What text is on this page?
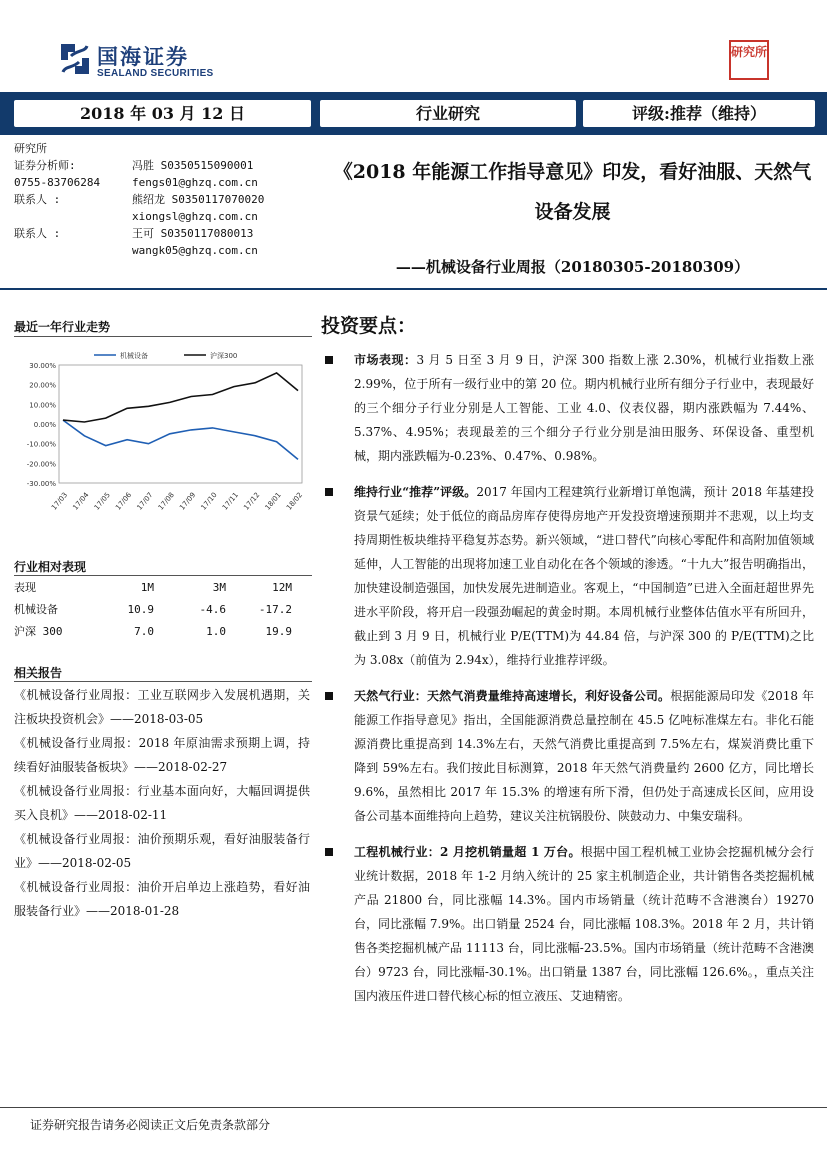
国海证券
SEALAND SECURITIES
研究所
2018 年 03 月 12 日	行业研究	评级:推荐（维持）
研究所
证券分析师:	冯胜 S0350515090001
0755-83706284	fengs01@ghzq.com.cn
联系人 :	熊绍龙 S0350117070020
xiongsl@ghzq.com.cn
联系人 :	王可 S0350117080013
wangk05@ghzq.com.cn
《2018 年能源工作指导意见》印发，看好油服、天然气设备发展
——机械设备行业周报（20180305-20180309）
最近一年行业走势
30.00%
20.00%
10.00%
0.00%
-10.00%
-20.00%
-30.00%
17/03 17/04 17/05 17/06 17/07 17/08 17/09 17/10 17/11 17/12 18/01 18/02
机械设备	沪深300
行业相对表现
表现	1M	3M	12M
机械设备	10.9	-4.6	-17.2
沪深 300	7.0	1.0	19.9
相关报告
《机械设备行业周报：工业互联网步入发展机遇期，关注板块投资机会》——2018-03-05
《机械设备行业周报：2018 年原油需求预期上调，持续看好油服装备板块》——2018-02-27
《机械设备行业周报：行业基本面向好，大幅回调提供买入良机》——2018-02-11
《机械设备行业周报：油价预期乐观，看好油服装备行业》——2018-02-05
《机械设备行业周报：油价开启单边上涨趋势，看好油服装备行业》——2018-01-28
投资要点：
市场表现：3 月 5 日至 3 月 9 日，沪深 300 指数上涨 2.30%，机械行业指数上涨 2.99%，位于所有一级行业中的第 20 位。期内机械行业所有细分子行业中，表现最好的三个细分子行业分别是人工智能、工业 4.0、仪表仪器，期内涨跌幅为 7.44%、5.37%、4.95%；表现最差的三个细分子行业分别是油田服务、环保设备、重型机械，期内涨跌幅为-0.23%、0.47%、0.98%。
维持行业“推荐”评级。2017 年国内工程建筑行业新增订单饱满，预计 2018 年基建投资景气延续；处于低位的商品房库存使得房地产开发投资增速预期并不悲观，以上均支持周期性板块维持平稳复苏态势。新兴领域，“进口替代”向核心零配件和高附加值领域延伸，人工智能的出现将加速工业自动化在各个领域的渗透。“十九大”报告明确指出，加快建设制造强国，加快发展先进制造业。客观上，“中国制造”已进入全面赶超世界先进水平阶段，将开启一段强劲崛起的黄金时期。本周机械行业整体估值水平有所回升，截止到 3 月 9 日，机械行业 P/E(TTM)为 44.84 倍，与沪深 300 的 P/E(TTM)之比为 3.08x（前值为 2.94x），维持行业推荐评级。
天然气行业：天然气消费量维持高速增长，利好设备公司。根据能源局印发《2018 年能源工作指导意见》指出，全国能源消费总量控制在 45.5 亿吨标准煤左右。非化石能源消费比重提高到 14.3%左右，天然气消费比重提高到 7.5%左右，煤炭消费比重下降到 59%左右。我们按此目标测算，2018 年天然气消费量约 2600 亿方，同比增长 9.6%，虽然相比 2017 年 15.3% 的增速有所下滑，但仍处于高速成长区间，应用设备公司基本面维持向上趋势，建议关注杭锅股份、陕鼓动力、中集安瑞科。
工程机械行业：2 月挖机销量超 1 万台。根据中国工程机械工业协会挖掘机械分会行业统计数据，2018 年 1-2 月纳入统计的 25 家主机制造企业，共计销售各类挖掘机械产品 21800 台，同比涨幅 14.3%。国内市场销量（统计范畴不含港澳台）19270 台，同比涨幅 7.9%。出口销量 2524 台，同比涨幅 108.3%。2018 年 2 月，共计销售各类挖掘机械产品 11113 台，同比涨幅-23.5%。国内市场销量（统计范畴不含港澳台）9723 台，同比涨幅-30.1%。出口销量 1387 台，同比涨幅 126.6%。，重点关注国内液压件进口替代核心标的恒立液压、艾迪精密。
证券研究报告请务必阅读正文后免责条款部分
